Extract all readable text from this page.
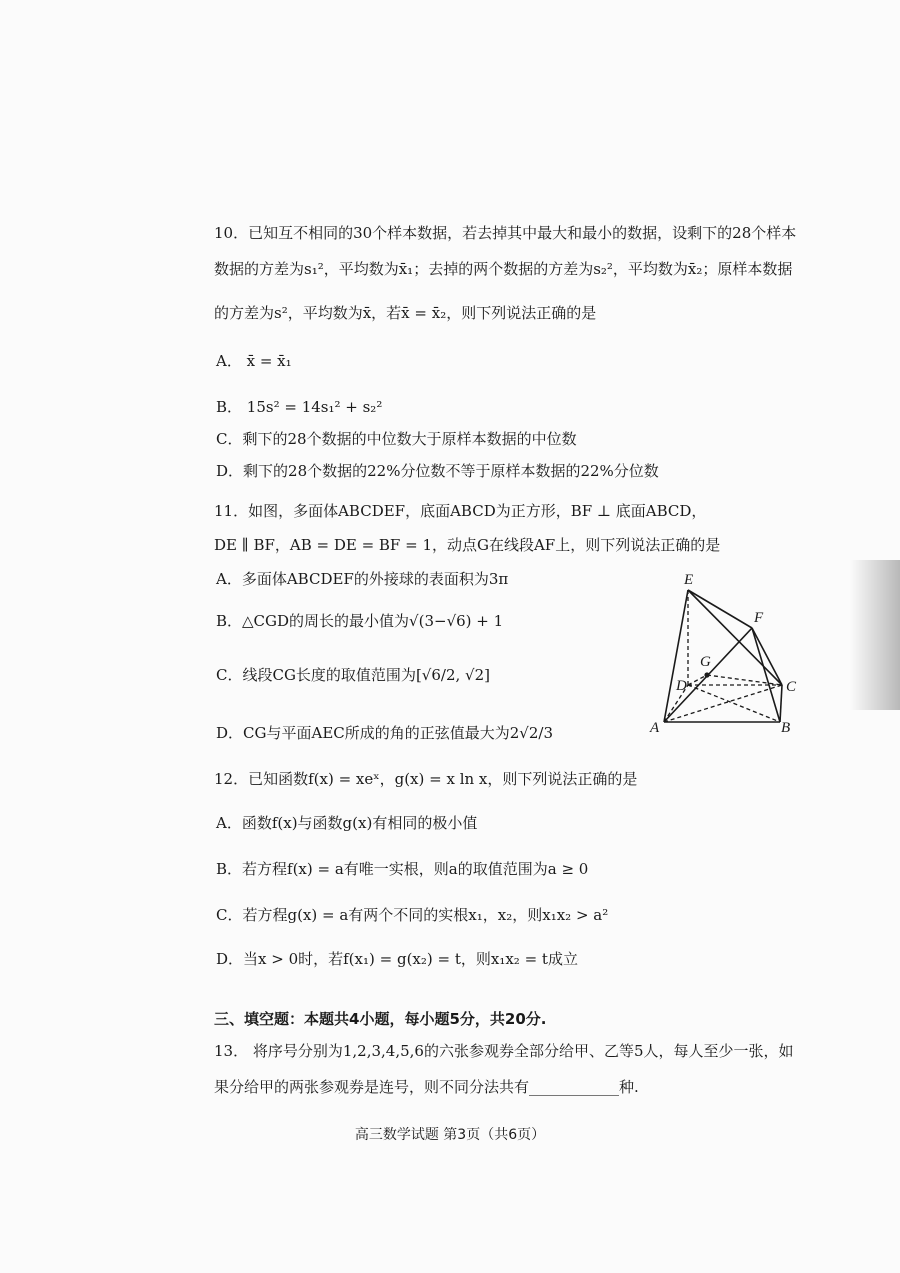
10．已知互不相同的30个样本数据，若去掉其中最大和最小的数据，设剩下的28个样本
数据的方差为s₁²，平均数为x̄₁；去掉的两个数据的方差为s₂²，平均数为x̄₂；原样本数据
的方差为s²，平均数为x̄，若x̄ = x̄₂，则下列说法正确的是
A． x̄ = x̄₁
B． 15s² = 14s₁² + s₂²
C．剩下的28个数据的中位数大于原样本数据的中位数
D．剩下的28个数据的22%分位数不等于原样本数据的22%分位数
11．如图，多面体ABCDEF，底面ABCD为正方形，BF ⊥ 底面ABCD，
DE ∥ BF，AB = DE = BF = 1，动点G在线段AF上，则下列说法正确的是
A．多面体ABCDEF的外接球的表面积为3π
B．△CGD的周长的最小值为√(3−√6) + 1
C．线段CG长度的取值范围为[√6/2, √2]
D．CG与平面AEC所成的角的正弦值最大为2√2/3
E
F
G
D	C
A	B
12．已知函数f(x) = xeˣ，g(x) = x ln x，则下列说法正确的是
A．函数f(x)与函数g(x)有相同的极小值
B．若方程f(x) = a有唯一实根，则a的取值范围为a ≥ 0
C．若方程g(x) = a有两个不同的实根x₁，x₂，则x₁x₂ > a²
D．当x > 0时，若f(x₁) = g(x₂) = t，则x₁x₂ = t成立
三、填空题：本题共4小题，每小题5分，共20分.
13． 将序号分别为1,2,3,4,5,6的六张参观券全部分给甲、乙等5人，每人至少一张，如
果分给甲的两张参观券是连号，则不同分法共有____________种.
高三数学试题 第3页（共6页）
